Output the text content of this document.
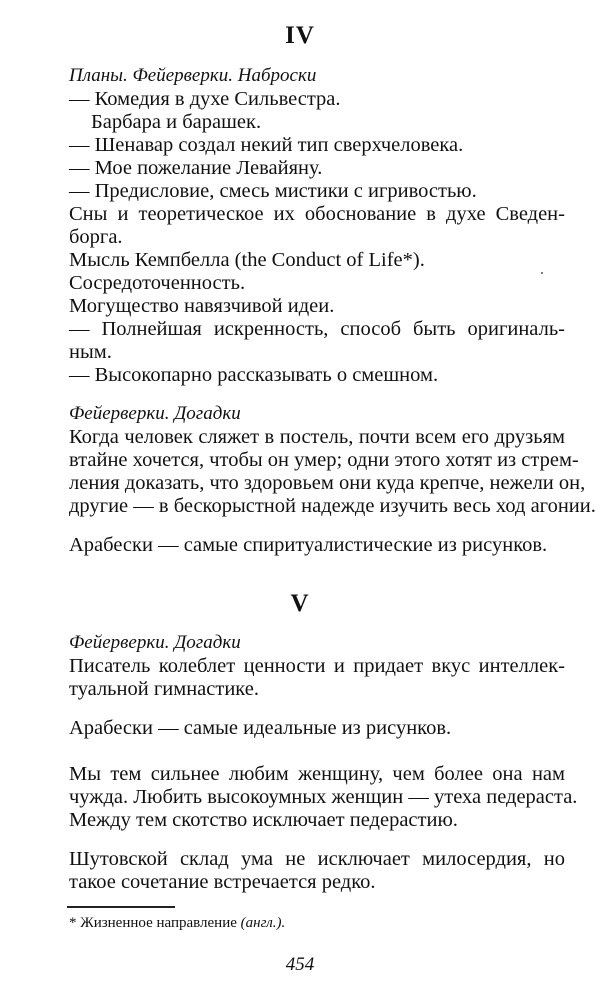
IV
Планы. Фейерверки. Наброски
— Комедия в духе Сильвестра.
Барбара и барашек.
— Шенавар создал некий тип сверхчеловека.
— Мое пожелание Левайяну.
— Предисловие, смесь мистики с игривостью.
Сны и теоретическое их обоснование в духе Сведен-
борга.
Мысль Кемпбелла (the Conduct of Life*).
Сосредоточенность.
Могущество навязчивой идеи.
— Полнейшая искренность, способ быть оригиналь-
ным.
— Высокопарно рассказывать о смешном.
Фейерверки. Догадки
Когда человек сляжет в постель, почти всем его друзьям
втайне хочется, чтобы он умер; одни этого хотят из стрем-
ления доказать, что здоровьем они куда крепче, нежели он,
другие — в бескорыстной надежде изучить весь ход агонии.
Арабески — самые спиритуалистические из рисунков.
V
Фейерверки. Догадки
Писатель колеблет ценности и придает вкус интеллек-
туальной гимнастике.
Арабески — самые идеальные из рисунков.
Мы тем сильнее любим женщину, чем более она нам
чужда. Любить высокоумных женщин — утеха педераста.
Между тем скотство исключает педерастию.
Шутовской склад ума не исключает милосердия, но
такое сочетание встречается редко.
* Жизненное направление (англ.).
454
